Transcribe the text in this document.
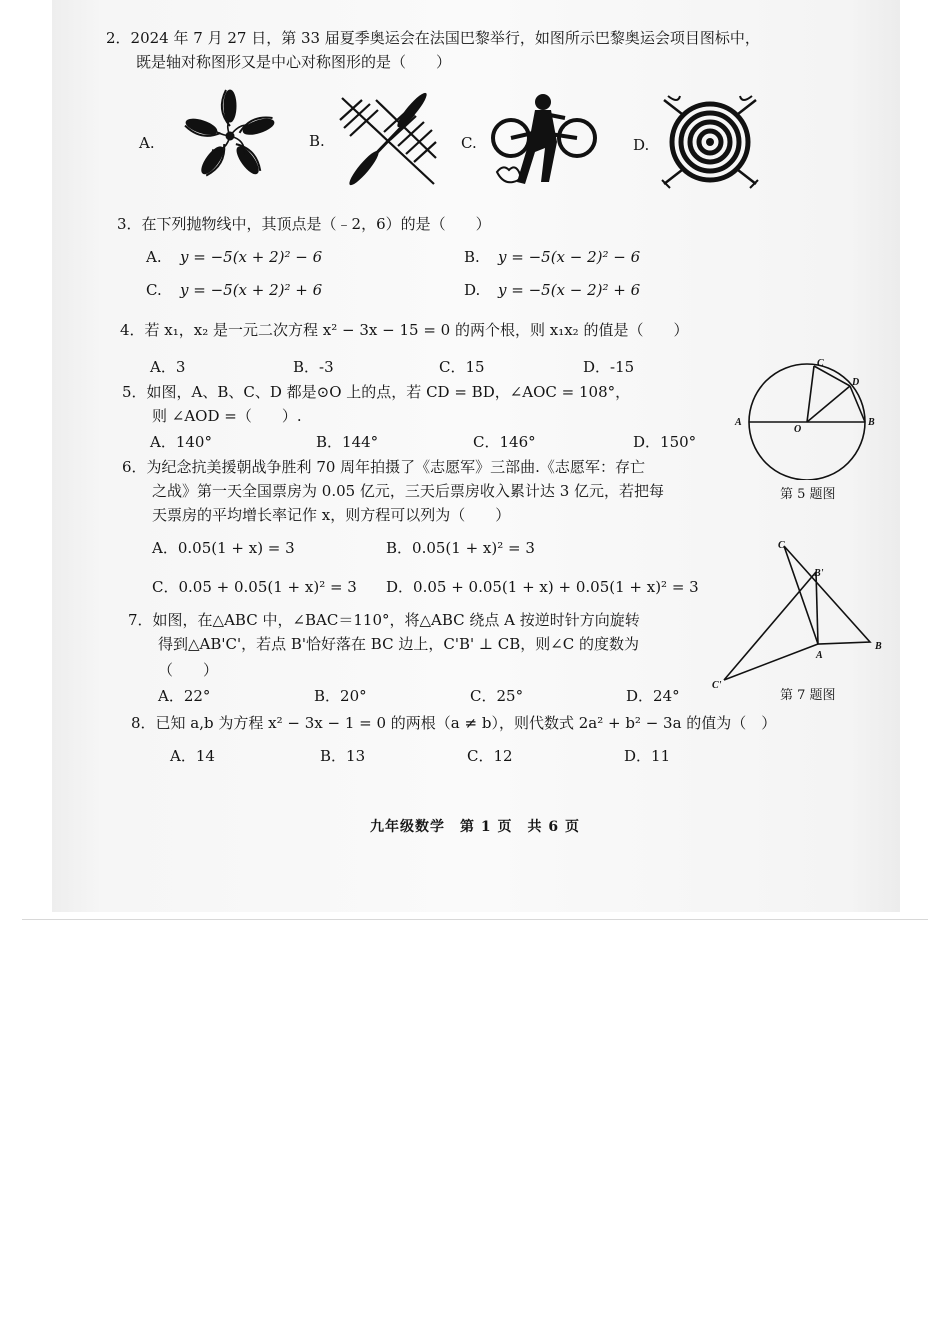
2．2024 年 7 月 27 日，第 33 届夏季奥运会在法国巴黎举行，如图所示巴黎奥运会项目图标中，
既是轴对称图形又是中心对称图形的是（　　）
A.	B.	C.	D.
3．在下列抛物线中，其顶点是（﹣2，6）的是（　　）
A. y = −5(x + 2)² − 6	B. y = −5(x − 2)² − 6
C. y = −5(x + 2)² + 6	D. y = −5(x − 2)² + 6
4．若 x₁，x₂ 是一元二次方程 x² − 3x − 15 = 0 的两个根，则 x₁x₂ 的值是（　　）
A．3	B．-3	C．15	D．-15
5．如图，A、B、C、D 都是⊙O 上的点，若 CD = BD，∠AOC = 108°，
则 ∠AOD =（　　）.
A．140°	B．144°	C．146°	D．150°
A	B
C
D
O
第 5 题图
6．为纪念抗美援朝战争胜利 70 周年拍摄了《志愿军》三部曲.《志愿军：存亡
之战》第一天全国票房为 0.05 亿元，三天后票房收入累计达 3 亿元，若把每
天票房的平均增长率记作 x，则方程可以列为（　　）
A．0.05(1 + x) = 3	B．0.05(1 + x)² = 3
C．0.05 + 0.05(1 + x)² = 3 D．0.05 + 0.05(1 + x) + 0.05(1 + x)² = 3
7．如图，在△ABC 中，∠BAC＝110°，将△ABC 绕点 A 按逆时针方向旋转
得到△AB'C'，若点 B'恰好落在 BC 边上，C'B' ⊥ CB，则∠C 的度数为
（　　）
A．22°	B．20°	C．25°	D．24°
C
B'
A
B
C'
第 7 题图
8．已知 a,b 为方程 x² − 3x − 1 = 0 的两根（a ≠ b），则代数式 2a² + b² − 3a 的值为（　）
A．14	B．13	C．12	D．11
九年级数学　第 1 页　共 6 页
